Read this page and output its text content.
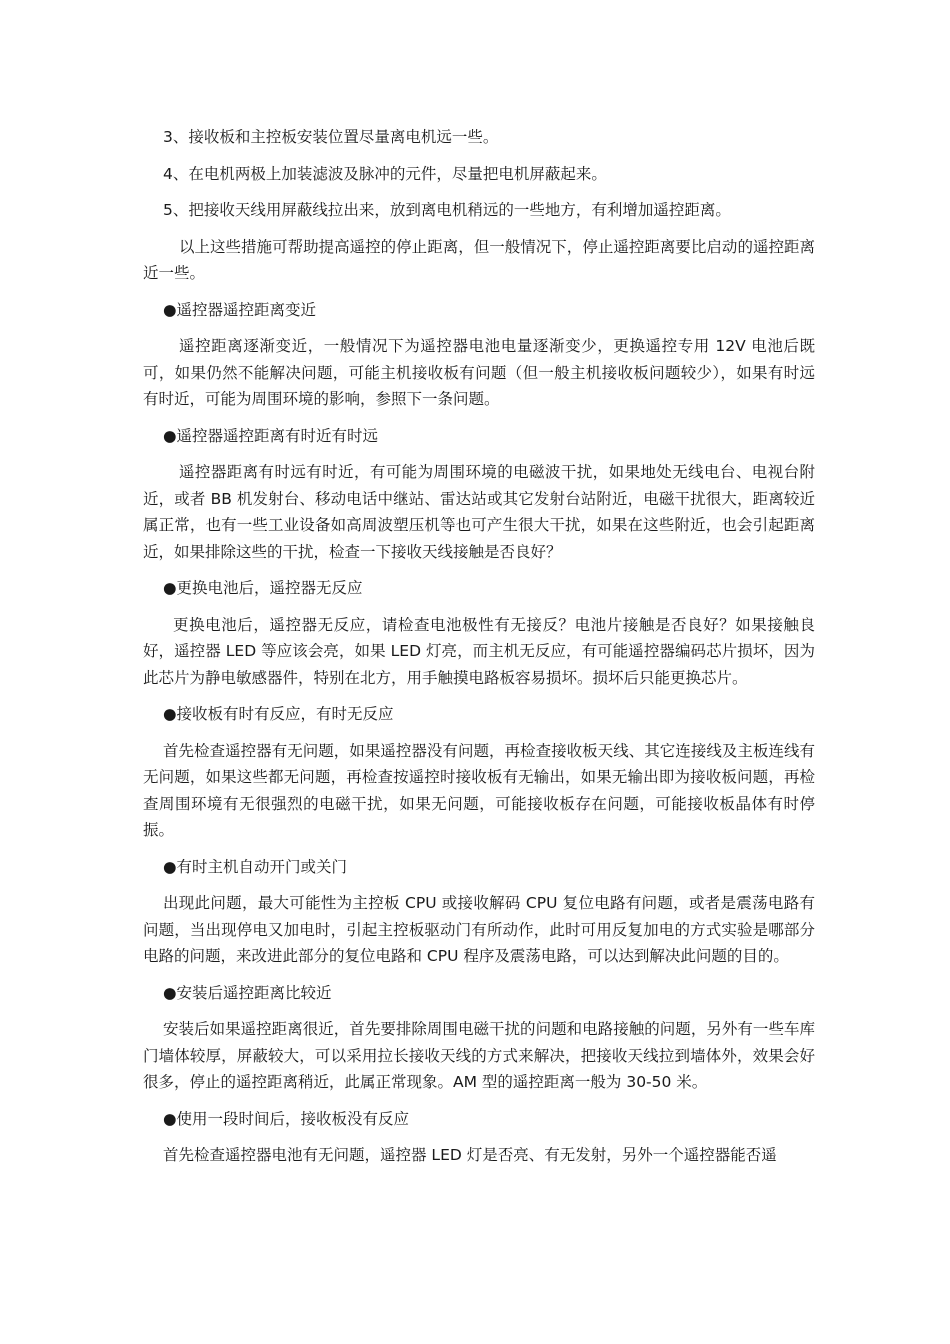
3、接收板和主控板安装位置尽量离电机远一些。

4、在电机两极上加装滤波及脉冲的元件，尽量把电机屏蔽起来。

5、把接收天线用屏蔽线拉出来，放到离电机稍远的一些地方，有利增加遥控距离。

以上这些措施可帮助提高遥控的停止距离，但一般情况下，停止遥控距离要比启动的遥控距离近一些。

●遥控器遥控距离变近

遥控距离逐渐变近，一般情况下为遥控器电池电量逐渐变少，更换遥控专用 12V 电池后既可，如果仍然不能解决问题，可能主机接收板有问题（但一般主机接收板问题较少），如果有时远有时近，可能为周围环境的影响，参照下一条问题。

●遥控器遥控距离有时近有时远

遥控器距离有时远有时近，有可能为周围环境的电磁波干扰，如果地处无线电台、电视台附近，或者 BB 机发射台、移动电话中继站、雷达站或其它发射台站附近，电磁干扰很大，距离较近属正常，也有一些工业设备如高周波塑压机等也可产生很大干扰，如果在这些附近，也会引起距离近，如果排除这些的干扰，检查一下接收天线接触是否良好？

●更换电池后，遥控器无反应

更换电池后，遥控器无反应，请检查电池极性有无接反？电池片接触是否良好？如果接触良好，遥控器 LED 等应该会亮，如果 LED 灯亮，而主机无反应，有可能遥控器编码芯片损坏，因为此芯片为静电敏感器件，特别在北方，用手触摸电路板容易损坏。损坏后只能更换芯片。

●接收板有时有反应，有时无反应

首先检查遥控器有无问题，如果遥控器没有问题，再检查接收板天线、其它连接线及主板连线有无问题，如果这些都无问题，再检查按遥控时接收板有无输出，如果无输出即为接收板问题，再检查周围环境有无很强烈的电磁干扰，如果无问题，可能接收板存在问题，可能接收板晶体有时停振。

●有时主机自动开门或关门

出现此问题，最大可能性为主控板 CPU 或接收解码 CPU 复位电路有问题，或者是震荡电路有问题，当出现停电又加电时，引起主控板驱动门有所动作，此时可用反复加电的方式实验是哪部分电路的问题，来改进此部分的复位电路和 CPU 程序及震荡电路，可以达到解决此问题的目的。

●安装后遥控距离比较近

安装后如果遥控距离很近，首先要排除周围电磁干扰的问题和电路接触的问题，另外有一些车库门墙体较厚，屏蔽较大，可以采用拉长接收天线的方式来解决，把接收天线拉到墙体外，效果会好很多，停止的遥控距离稍近，此属正常现象。AM 型的遥控距离一般为 30-50 米。

●使用一段时间后，接收板没有反应

首先检查遥控器电池有无问题，遥控器 LED 灯是否亮、有无发射，另外一个遥控器能否遥
